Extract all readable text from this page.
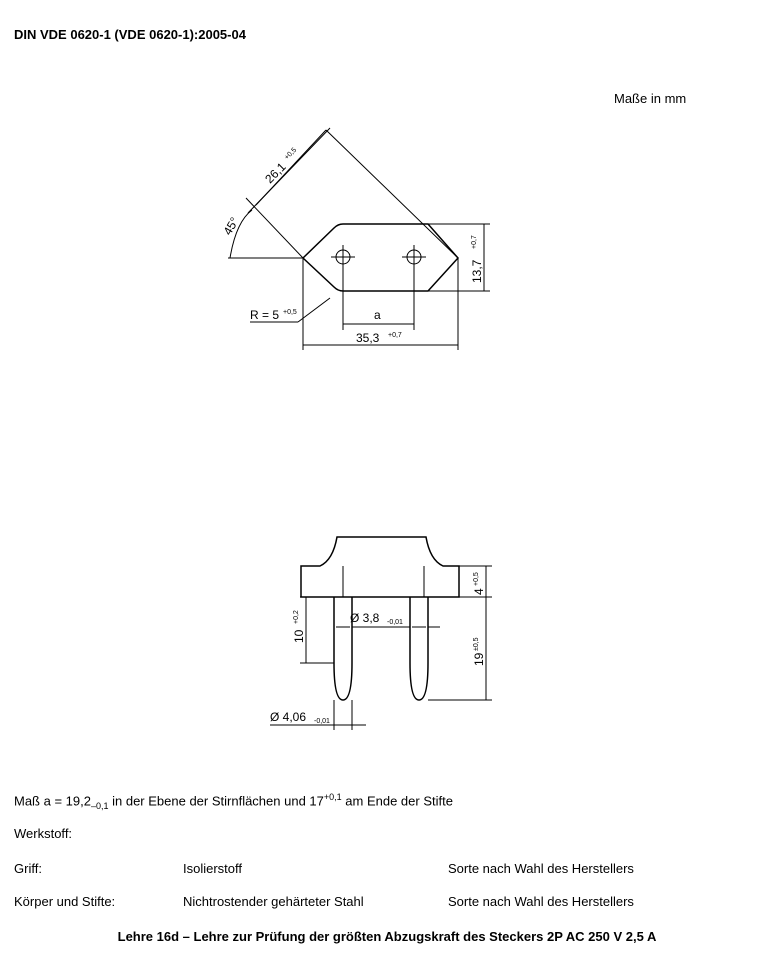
DIN VDE 0620-1 (VDE 0620-1):2005-04
Maße in mm
26,1
+0,5
45°
13,7
+0,7
R = 5 +0,5	a
35,3 +0,7
4
+0,5
19
±0,5
10
+0,2	Ø 3,8 -0,01
Ø 4,06 -0,01
Maß $a = 19,2_{-0,1}$ in der Ebene der Stirnflächen und $17^{+0,1}$ am Ende der Stifte
Werkstoff:
Griff:	Isolierstoff	Sorte nach Wahl des Herstellers
Körper und Stifte:	Nichtrostender gehärteter Stahl	Sorte nach Wahl des Herstellers
Lehre 16d – Lehre zur Prüfung der größten Abzugskraft des Steckers 2P AC 250 V 2,5 A
